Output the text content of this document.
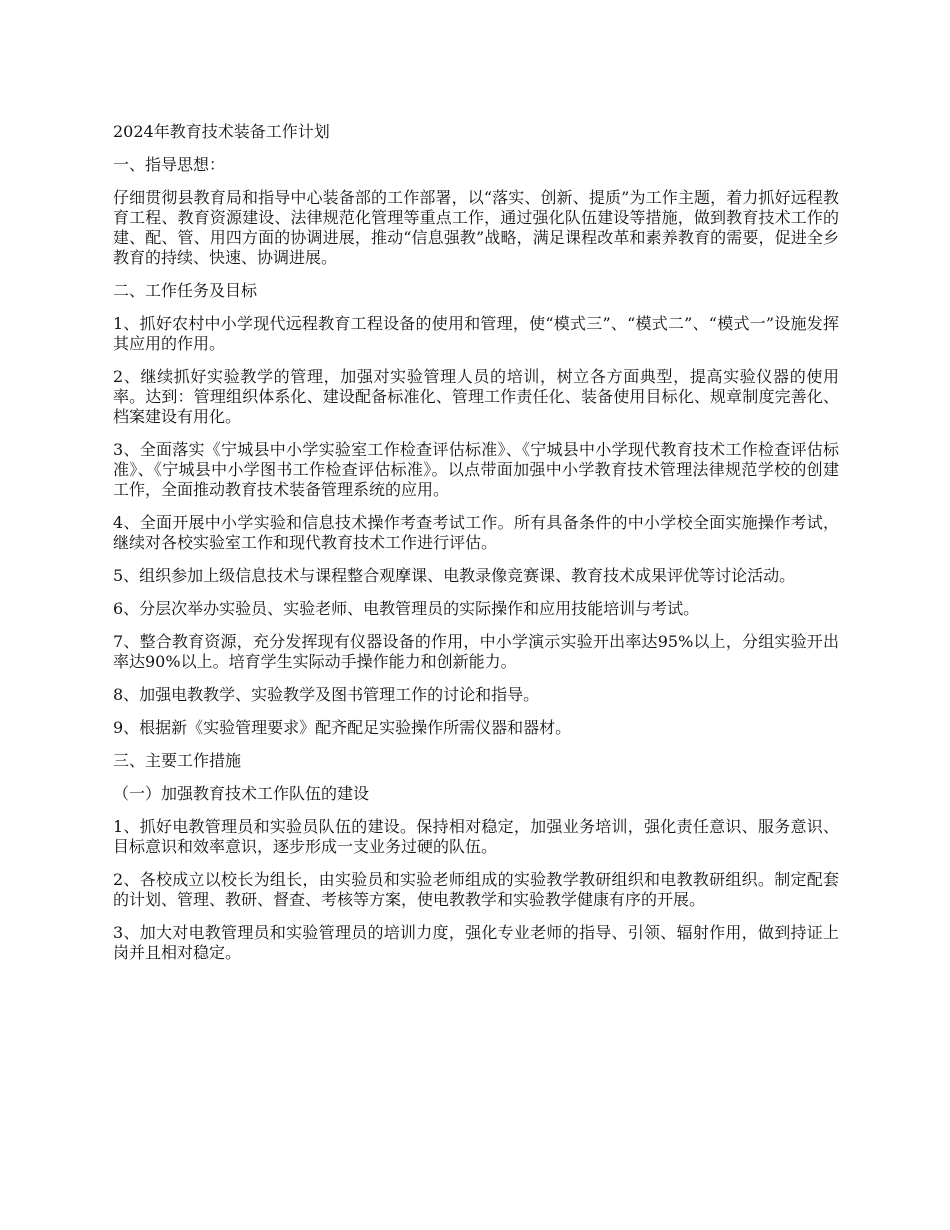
2024年教育技术装备工作计划

一、指导思想：

仔细贯彻县教育局和指导中心装备部的工作部署，以“落实、创新、提质”为工作主题，着力抓好远程教育工程、教育资源建设、法律规范化管理等重点工作，通过强化队伍建设等措施，做到教育技术工作的建、配、管、用四方面的协调进展，推动“信息强教”战略，满足课程改革和素养教育的需要，促进全乡教育的持续、快速、协调进展。

二、工作任务及目标

1、抓好农村中小学现代远程教育工程设备的使用和管理，使“模式三”、“模式二”、“模式一”设施发挥其应用的作用。

2、继续抓好实验教学的管理，加强对实验管理人员的培训，树立各方面典型，提高实验仪器的使用率。达到：管理组织体系化、建设配备标准化、管理工作责任化、装备使用目标化、规章制度完善化、档案建设有用化。

3、全面落实《宁城县中小学实验室工作检查评估标准》、《宁城县中小学现代教育技术工作检查评估标准》、《宁城县中小学图书工作检查评估标准》。以点带面加强中小学教育技术管理法律规范学校的创建工作，全面推动教育技术装备管理系统的应用。

4、全面开展中小学实验和信息技术操作考查考试工作。所有具备条件的中小学校全面实施操作考试，继续对各校实验室工作和现代教育技术工作进行评估。

5、组织参加上级信息技术与课程整合观摩课、电教录像竞赛课、教育技术成果评优等讨论活动。

6、分层次举办实验员、实验老师、电教管理员的实际操作和应用技能培训与考试。

7、整合教育资源，充分发挥现有仪器设备的作用，中小学演示实验开出率达95%以上，分组实验开出率达90%以上。培育学生实际动手操作能力和创新能力。

8、加强电教教学、实验教学及图书管理工作的讨论和指导。

9、根据新《实验管理要求》配齐配足实验操作所需仪器和器材。

三、主要工作措施

（一）加强教育技术工作队伍的建设

1、抓好电教管理员和实验员队伍的建设。保持相对稳定，加强业务培训，强化责任意识、服务意识、目标意识和效率意识，逐步形成一支业务过硬的队伍。

2、各校成立以校长为组长，由实验员和实验老师组成的实验教学教研组织和电教教研组织。制定配套的计划、管理、教研、督查、考核等方案，使电教教学和实验教学健康有序的开展。

3、加大对电教管理员和实验管理员的培训力度，强化专业老师的指导、引领、辐射作用，做到持证上岗并且相对稳定。
